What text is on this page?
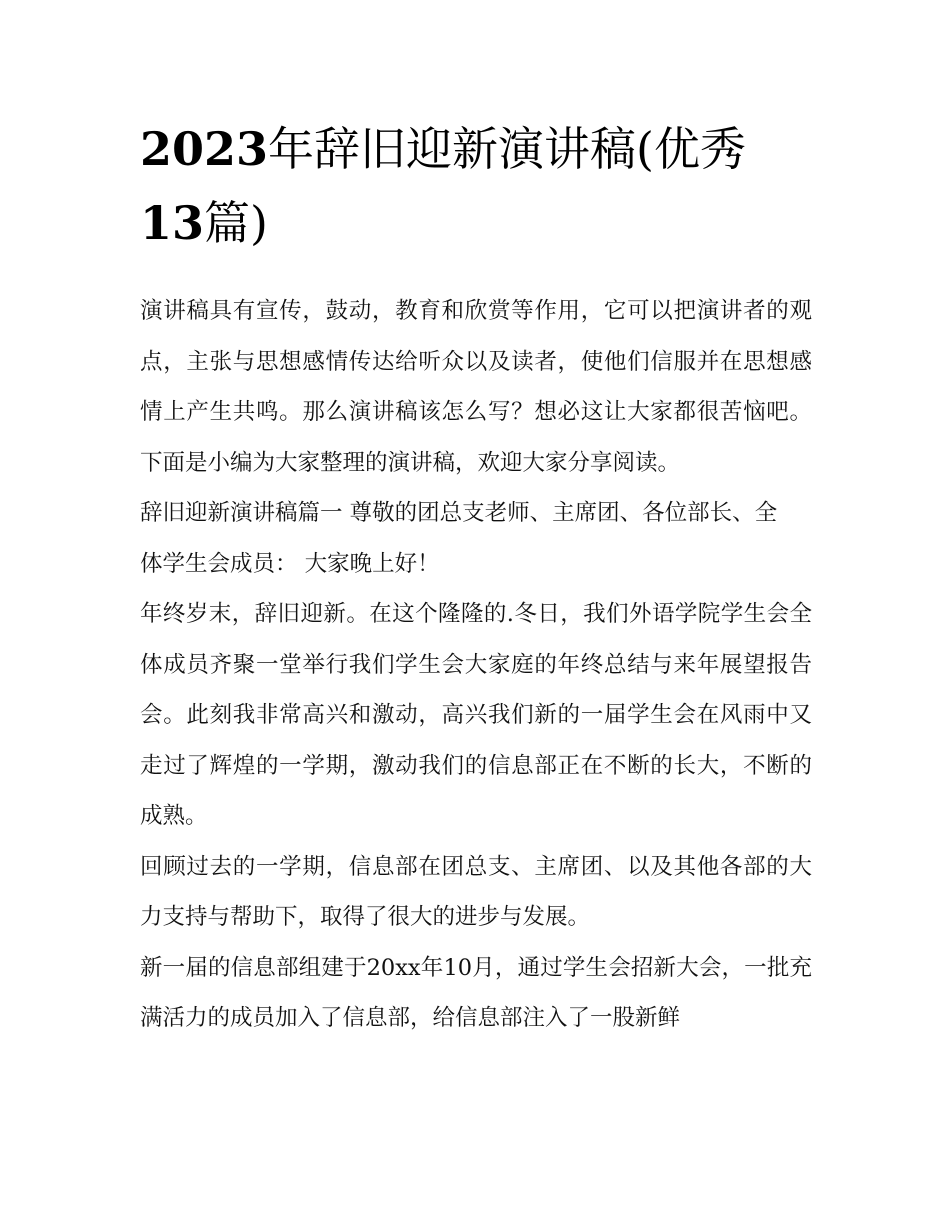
2023年辞旧迎新演讲稿(优秀
13篇)

演讲稿具有宣传，鼓动，教育和欣赏等作用，它可以把演讲者的观点，主张与思想感情传达给听众以及读者，使他们信服并在思想感情上产生共鸣。那么演讲稿该怎么写？想必这让大家都很苦恼吧。下面是小编为大家整理的演讲稿，欢迎大家分享阅读。

辞旧迎新演讲稿篇一 尊敬的团总支老师、主席团、各位部长、全体学生会成员： 大家晚上好！

年终岁末，辞旧迎新。在这个隆隆的.冬日，我们外语学院学生会全体成员齐聚一堂举行我们学生会大家庭的年终总结与来年展望报告会。此刻我非常高兴和激动，高兴我们新的一届学生会在风雨中又走过了辉煌的一学期，激动我们的信息部正在不断的长大，不断的成熟。

回顾过去的一学期，信息部在团总支、主席团、以及其他各部的大力支持与帮助下，取得了很大的进步与发展。

新一届的信息部组建于20xx年10月，通过学生会招新大会，一批充满活力的成员加入了信息部，给信息部注入了一股新鲜
